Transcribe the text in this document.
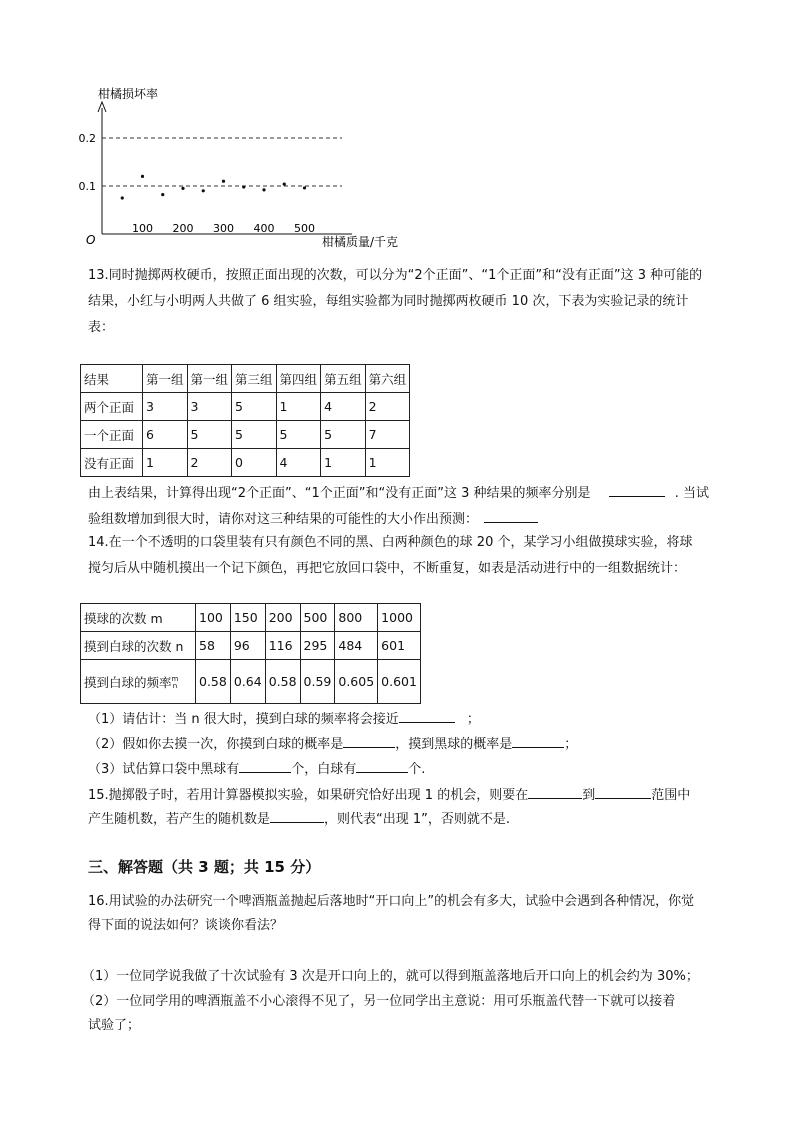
柑橘损坏率
柑橘质量/千克
O
0.1
0.2
100 200 300 400 500
13.同时抛掷两枚硬币，按照正面出现的次数，可以分为“2个正面”、“1个正面”和“没有正面”这 3 种可能的
结果，小红与小明两人共做了 6 组实验，每组实验都为同时抛掷两枚硬币 10 次，下表为实验记录的统计
表：
结果	第一组	第一组	第三组	第四组	第五组	第六组
两个正面	3	3	5	1	4	2
一个正面	6	5	5	5	5	7
没有正面	1	2	0	4	1	1
由上表结果，计算得出现“2个正面”、“1个正面”和“没有正面”这 3 种结果的频率分别是	. 当试
验组数增加到很大时，请你对这三种结果的可能性的大小作出预测：
14.在一个不透明的口袋里装有只有颜色不同的黑、白两种颜色的球 20 个，某学习小组做摸球实验，将球
搅匀后从中随机摸出一个记下颜色，再把它放回口袋中，不断重复，如表是活动进行中的一组数据统计：
摸球的次数 m	100	150	200	500	800	1000
摸到白球的次数 n	58	96	116	295	484	601
摸到白球的频率m
n	0.58	0.64	0.58	0.59	0.605	0.601
（1）请估计：当 n 很大时，摸到白球的频率将会接近	；
（2）假如你去摸一次，你摸到白球的概率是	，摸到黑球的概率是	；
（3）试估算口袋中黑球有	个，白球有	个.
15.抛掷骰子时，若用计算器模拟实验，如果研究恰好出现 1 的机会，则要在	到	范围中
产生随机数，若产生的随机数是	，则代表“出现 1”，否则就不是.
三、解答题（共 3 题；共 15 分）
16.用试验的办法研究一个啤酒瓶盖抛起后落地时“开口向上”的机会有多大，试验中会遇到各种情况，你觉
得下面的说法如何？谈谈你看法？
（1）一位同学说我做了十次试验有 3 次是开口向上的，就可以得到瓶盖落地后开口向上的机会约为 30%；
（2）一位同学用的啤酒瓶盖不小心滚得不见了，另一位同学出主意说：用可乐瓶盖代替一下就可以接着
试验了；
